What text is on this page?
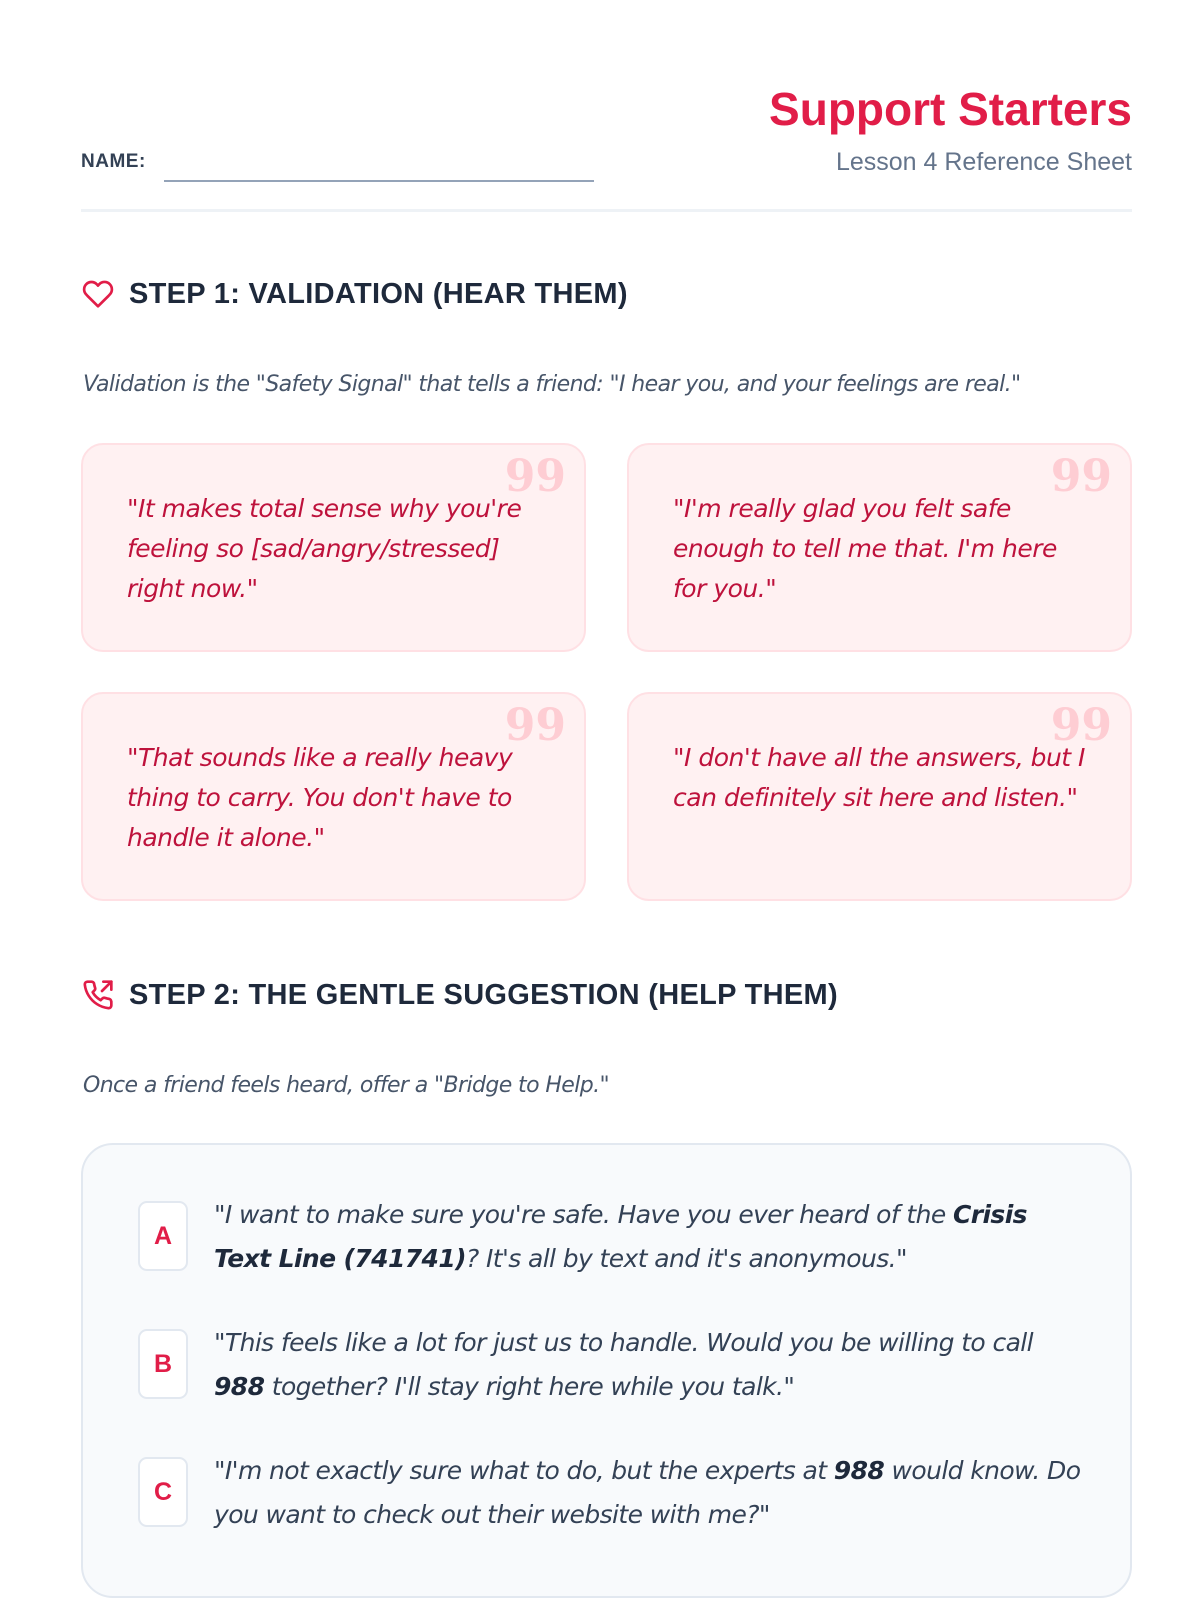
NAME:
Support Starters
Lesson 4 Reference Sheet
STEP 1: VALIDATION (HEAR THEM)
Validation is the "Safety Signal" that tells a friend: "I hear you, and your feelings are real."
99
"It makes total sense why you're feeling so [sad/angry/stressed] right now."
99
"I'm really glad you felt safe enough to tell me that. I'm here for you."
99
"That sounds like a really heavy thing to carry. You don't have to handle it alone."
99
"I don't have all the answers, but I can definitely sit here and listen."
STEP 2: THE GENTLE SUGGESTION (HELP THEM)
Once a friend feels heard, offer a "Bridge to Help."
A
"I want to make sure you're safe. Have you ever heard of the Crisis Text Line (741741)? It's all by text and it's anonymous."
B
"This feels like a lot for just us to handle. Would you be willing to call 988 together? I'll stay right here while you talk."
C
"I'm not exactly sure what to do, but the experts at 988 would know. Do you want to check out their website with me?"
